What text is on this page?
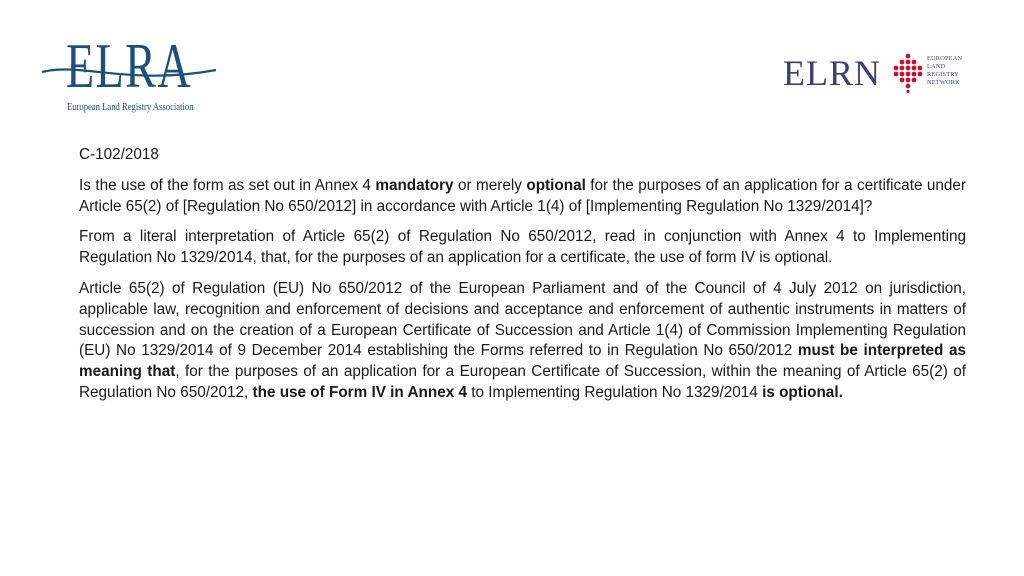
ELRA
European Land Registry Association
ELRN	EUROPEAN
LAND
REGISTRY
NETWORK

C-102/2018

Is the use of the form as set out in Annex 4 mandatory or merely optional for the purposes of an application for a certificate under Article 65(2) of [Regulation No 650/2012] in accordance with Article 1(4) of [Implementing Regulation No 1329/2014]?

From a literal interpretation of Article 65(2) of Regulation No 650/2012, read in conjunction with Annex 4 to Implementing Regulation No 1329/2014, that, for the purposes of an application for a certificate, the use of form IV is optional.

Article 65(2) of Regulation (EU) No 650/2012 of the European Parliament and of the Council of 4 July 2012 on jurisdiction, applicable law, recognition and enforcement of decisions and acceptance and enforcement of authentic instruments in matters of succession and on the creation of a European Certificate of Succession and Article 1(4) of Commission Implementing Regulation (EU) No 1329/2014 of 9 December 2014 establishing the Forms referred to in Regulation No 650/2012 must be interpreted as meaning that, for the purposes of an application for a European Certificate of Succession, within the meaning of Article 65(2) of Regulation No 650/2012, the use of Form IV in Annex 4 to Implementing Regulation No 1329/2014 is optional.
